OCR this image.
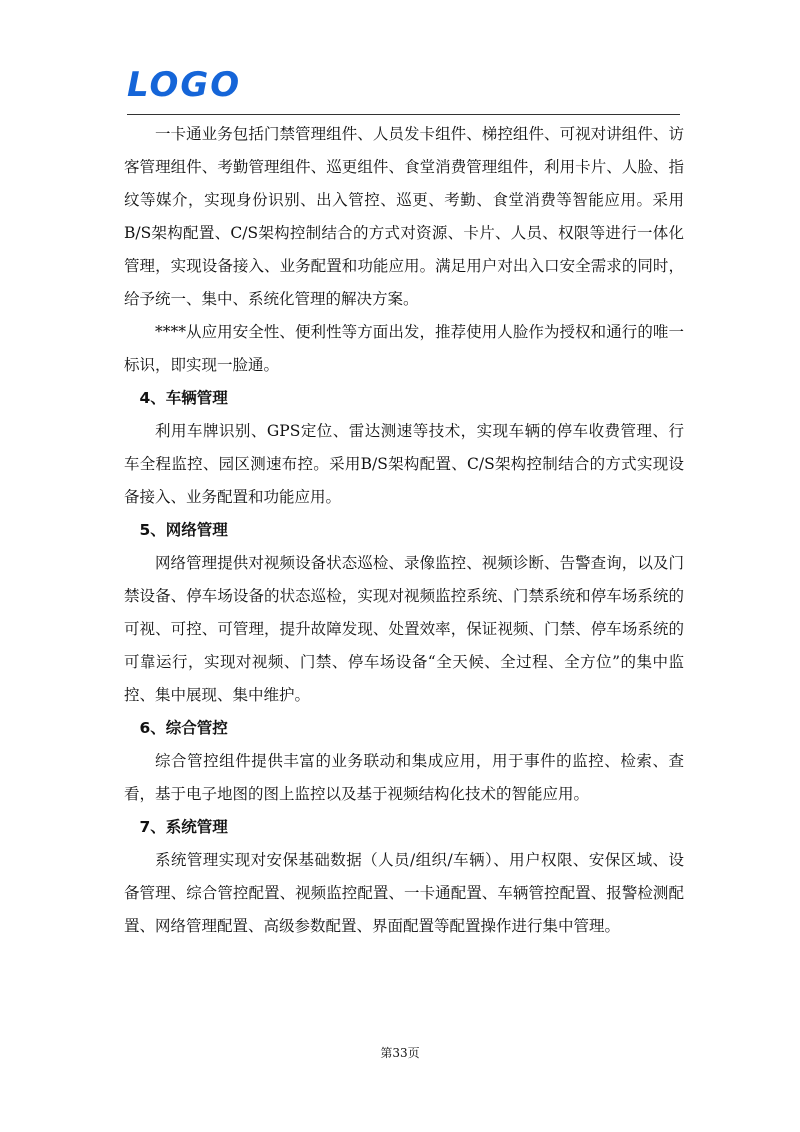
LOGO

一卡通业务包括门禁管理组件、人员发卡组件、梯控组件、可视对讲组件、访客管理组件、考勤管理组件、巡更组件、食堂消费管理组件，利用卡片、人脸、指纹等媒介，实现身份识别、出入管控、巡更、考勤、食堂消费等智能应用。采用B/S架构配置、C/S架构控制结合的方式对资源、卡片、人员、权限等进行一体化管理，实现设备接入、业务配置和功能应用。满足用户对出入口安全需求的同时，给予统一、集中、系统化管理的解决方案。

****从应用安全性、便利性等方面出发，推荐使用人脸作为授权和通行的唯一标识，即实现一脸通。

4、车辆管理

利用车牌识别、GPS定位、雷达测速等技术，实现车辆的停车收费管理、行车全程监控、园区测速布控。采用B/S架构配置、C/S架构控制结合的方式实现设备接入、业务配置和功能应用。

5、网络管理

网络管理提供对视频设备状态巡检、录像监控、视频诊断、告警查询，以及门禁设备、停车场设备的状态巡检，实现对视频监控系统、门禁系统和停车场系统的可视、可控、可管理，提升故障发现、处置效率，保证视频、门禁、停车场系统的可靠运行，实现对视频、门禁、停车场设备“全天候、全过程、全方位”的集中监控、集中展现、集中维护。

6、综合管控

综合管控组件提供丰富的业务联动和集成应用，用于事件的监控、检索、查看，基于电子地图的图上监控以及基于视频结构化技术的智能应用。

7、系统管理

系统管理实现对安保基础数据（人员/组织/车辆）、用户权限、安保区域、设备管理、综合管控配置、视频监控配置、一卡通配置、车辆管控配置、报警检测配置、网络管理配置、高级参数配置、界面配置等配置操作进行集中管理。

第33页
